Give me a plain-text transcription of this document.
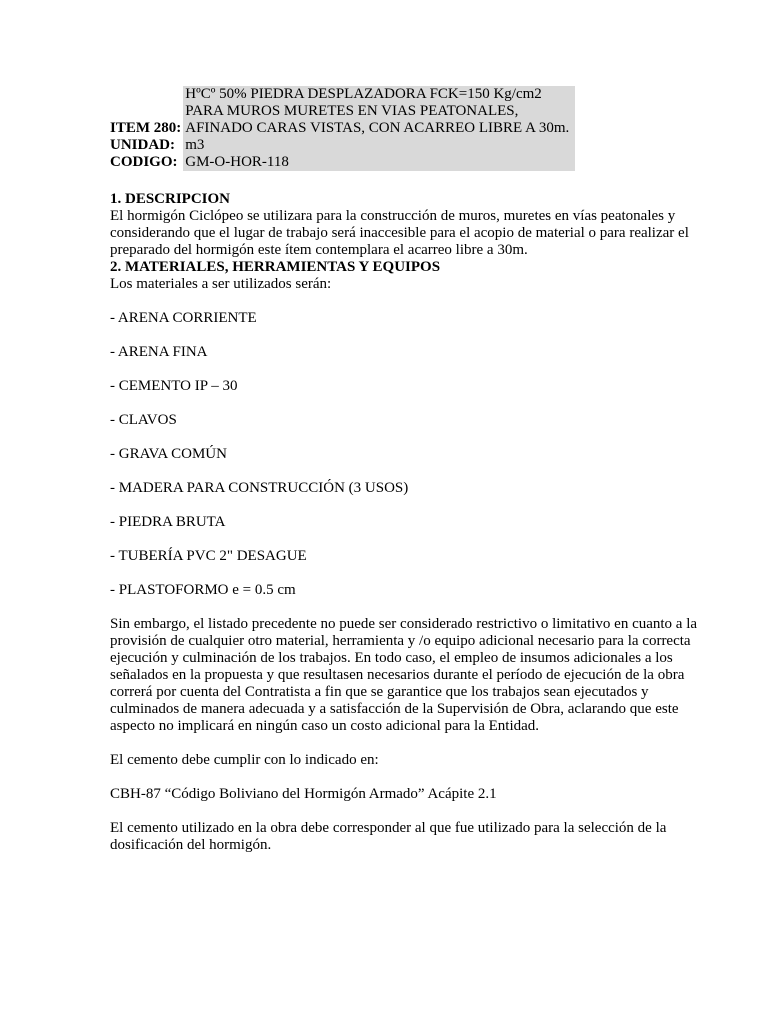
ITEM 280:	HºCº 50% PIEDRA DESPLAZADORA FCK=150 Kg/cm2 PARA MUROS MURETES EN VIAS PEATONALES, AFINADO CARAS VISTAS, CON ACARREO LIBRE A 30m.

UNIDAD:	m3
CODIGO:	GM-O-HOR-118
1. DESCRIPCION

El hormigón Ciclópeo se utilizara para la construcción de muros, muretes en vías peatonales y considerando que el lugar de trabajo será inaccesible para el acopio de material o para realizar el preparado del hormigón este ítem contemplara el acarreo libre a 30m.

2. MATERIALES, HERRAMIENTAS Y EQUIPOS

Los materiales a ser utilizados serán:

- ARENA CORRIENTE

- ARENA FINA

- CEMENTO IP – 30

- CLAVOS

- GRAVA COMÚN

- MADERA PARA CONSTRUCCIÓN (3 USOS)

- PIEDRA BRUTA

- TUBERÍA PVC 2" DESAGUE

- PLASTOFORMO e = 0.5 cm

Sin embargo, el listado precedente no puede ser considerado restrictivo o limitativo en cuanto a la provisión de cualquier otro material, herramienta y /o equipo adicional necesario para la correcta ejecución y culminación de los trabajos. En todo caso, el empleo de insumos adicionales a los señalados en la propuesta y que resultasen necesarios durante el período de ejecución de la obra correrá por cuenta del Contratista a fin que se garantice que los trabajos sean ejecutados y culminados de manera adecuada y a satisfacción de la Supervisión de Obra, aclarando que este aspecto no implicará en ningún caso un costo adicional para la Entidad.

El cemento debe cumplir con lo indicado en:

CBH-87 “Código Boliviano del Hormigón Armado” Acápite 2.1

El cemento utilizado en la obra debe corresponder al que fue utilizado para la selección de la dosificación del hormigón.
